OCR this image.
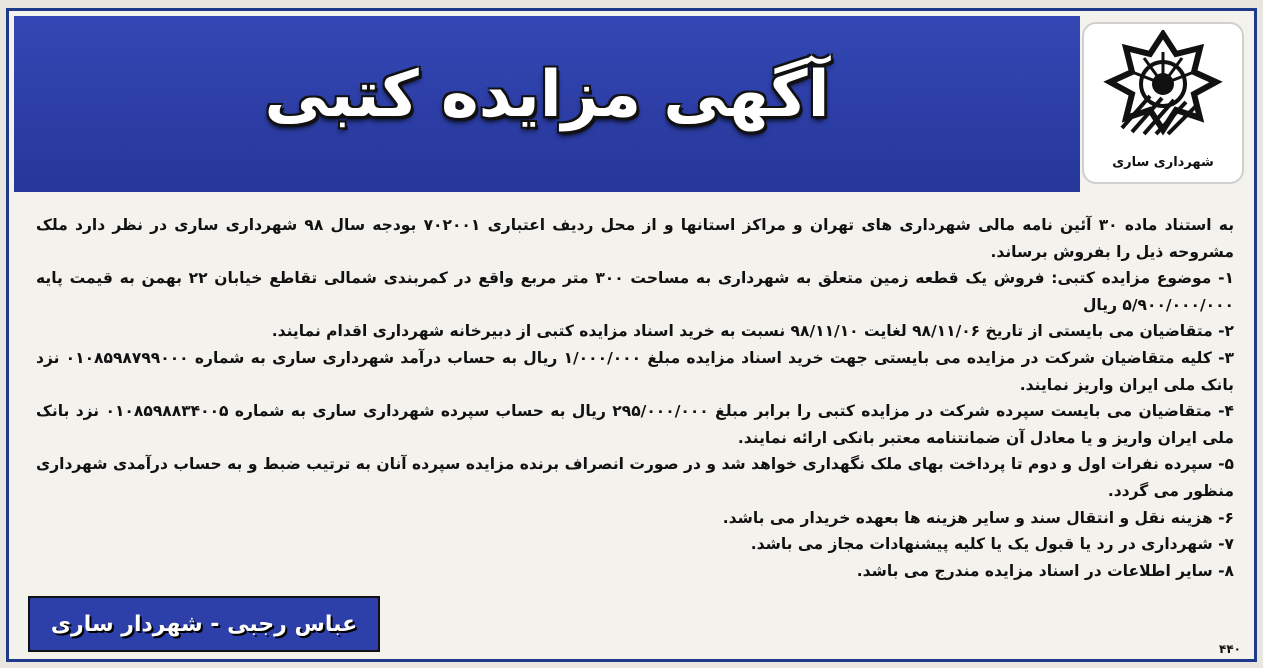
آگهی مزایده کتبی
شهرداری ساری

به استناد ماده ۳۰ آئین نامه مالی شهرداری های تهران و مراکز استانها و از محل ردیف اعتباری ۷۰۲۰۰۱ بودجه سال ۹۸ شهرداری ساری در نظر دارد ملک مشروحه ذیل را بفروش برساند.

۱- موضوع مزایده کتبی: فروش یک قطعه زمین متعلق به شهرداری به مساحت ۳۰۰ متر مربع واقع در کمربندی شمالی تقاطع خیابان ۲۲ بهمن به قیمت پایه ۵/۹۰۰/۰۰۰/۰۰۰ ریال

۲- متقاضیان می بایستی از تاریخ ۹۸/۱۱/۰۶ لغایت ۹۸/۱۱/۱۰ نسبت به خرید اسناد مزایده کتبی از دبیرخانه شهرداری اقدام نمایند.

۳- کلیه متقاضیان شرکت در مزایده می بایستی جهت خرید اسناد مزایده مبلغ ۱/۰۰۰/۰۰۰ ریال به حساب درآمد شهرداری ساری به شماره ۰۱۰۸۵۹۸۷۹۹۰۰۰ نزد بانک ملی ایران واریز نمایند.

۴- متقاضیان می بایست سپرده شرکت در مزایده کتبی را برابر مبلغ ۲۹۵/۰۰۰/۰۰۰ ریال به حساب سپرده شهرداری ساری به شماره ۰۱۰۸۵۹۸۸۳۴۰۰۵ نزد بانک ملی ایران واریز و یا معادل آن ضمانتنامه معتبر بانکی ارائه نمایند.

۵- سپرده نفرات اول و دوم تا پرداخت بهای ملک نگهداری خواهد شد و در صورت انصراف برنده مزایده سپرده آنان به ترتیب ضبط و به حساب درآمدی شهرداری منظور می گردد.

۶- هزینه نقل و انتقال سند و سایر هزینه ها بعهده خریدار می باشد.

۷- شهرداری در رد یا قبول یک یا کلیه پیشنهادات مجاز می باشد.

۸- سایر اطلاعات در اسناد مزایده مندرج می باشد.

عباس رجبی - شهردار ساری
۴۴۰
